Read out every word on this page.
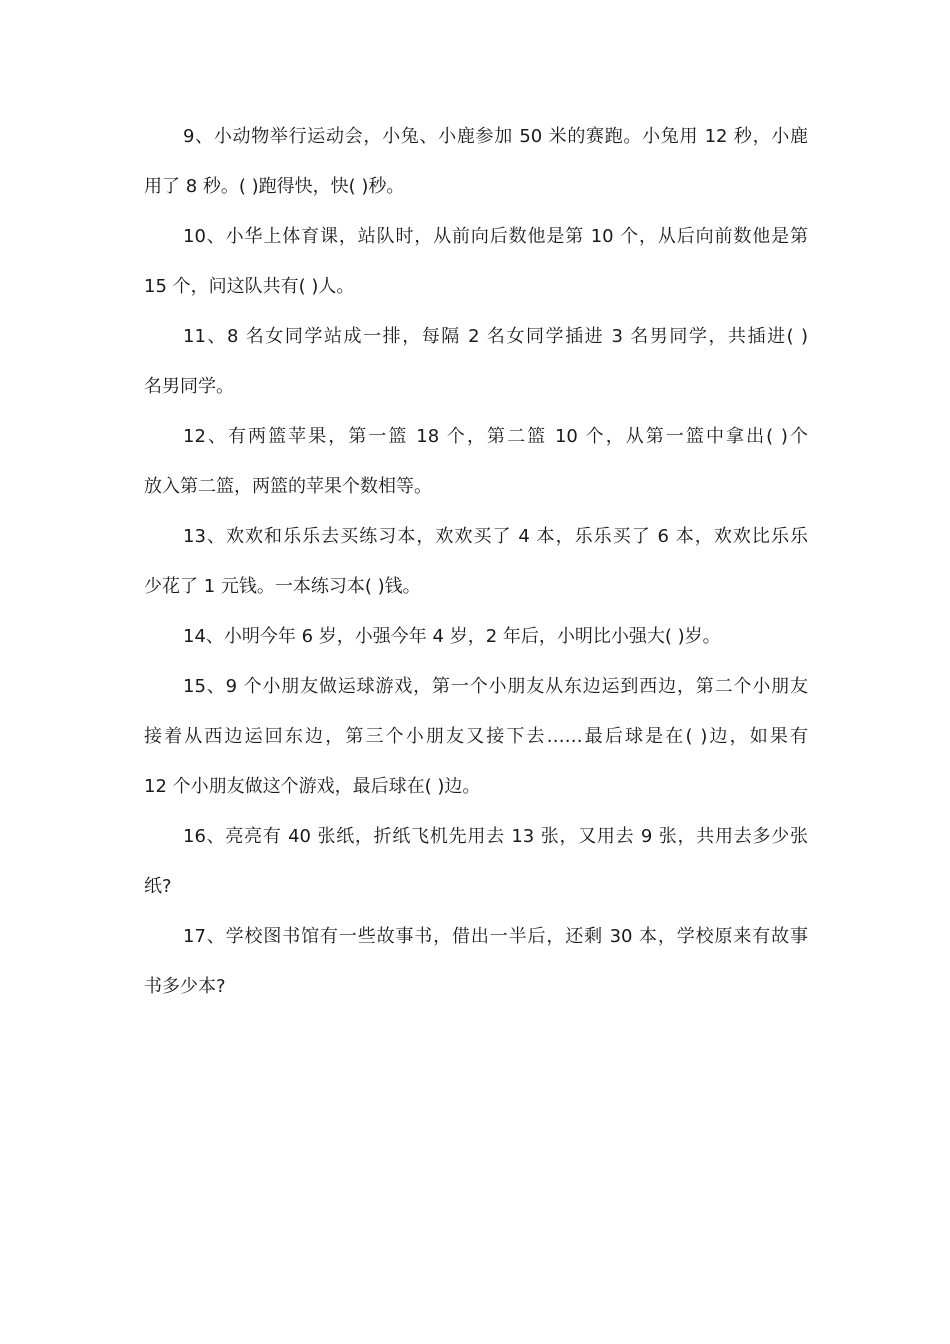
9、小动物举行运动会，小兔、小鹿参加 50 米的赛跑。小兔用 12 秒，小鹿
用了 8 秒。( )跑得快，快( )秒。
10、小华上体育课，站队时，从前向后数他是第 10 个，从后向前数他是第
15 个，问这队共有( )人。
11、8 名女同学站成一排，每隔 2 名女同学插进 3 名男同学，共插进( )
名男同学。
12、有两篮苹果，第一篮 18 个，第二篮 10 个，从第一篮中拿出( )个
放入第二篮，两篮的苹果个数相等。
13、欢欢和乐乐去买练习本，欢欢买了 4 本，乐乐买了 6 本，欢欢比乐乐
少花了 1 元钱。一本练习本( )钱。
14、小明今年 6 岁，小强今年 4 岁，2 年后，小明比小强大( )岁。
15、9 个小朋友做运球游戏，第一个小朋友从东边运到西边，第二个小朋友
接着从西边运回东边，第三个小朋友又接下去……最后球是在( )边，如果有
12 个小朋友做这个游戏，最后球在( )边。
16、亮亮有 40 张纸，折纸飞机先用去 13 张，又用去 9 张，共用去多少张
纸?
17、学校图书馆有一些故事书，借出一半后，还剩 30 本，学校原来有故事
书多少本?
